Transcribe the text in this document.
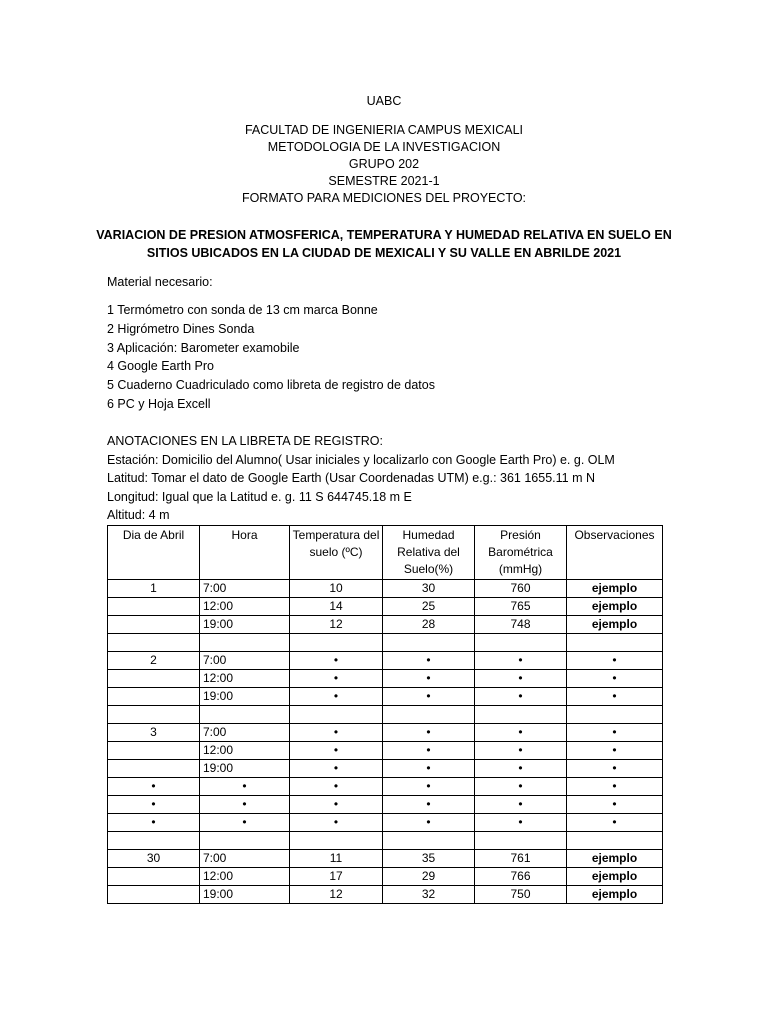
UABC
FACULTAD DE INGENIERIA CAMPUS MEXICALI
METODOLOGIA DE LA INVESTIGACION
GRUPO 202
SEMESTRE 2021-1
FORMATO PARA MEDICIONES DEL PROYECTO:
VARIACION DE PRESION ATMOSFERICA, TEMPERATURA Y HUMEDAD RELATIVA EN SUELO EN
SITIOS UBICADOS EN LA CIUDAD DE MEXICALI Y SU VALLE EN ABRILDE 2021
Material necesario:
1 Termómetro con sonda de 13 cm marca Bonne
2 Higrómetro Dines Sonda
3 Aplicación: Barometer examobile
4 Google Earth Pro
5 Cuaderno Cuadriculado como libreta de registro de datos
6 PC y Hoja Excell
ANOTACIONES EN LA LIBRETA DE REGISTRO:
Estación: Domicilio del Alumno( Usar iniciales y localizarlo con Google Earth Pro) e. g. OLM
Latitud: Tomar el dato de Google Earth (Usar Coordenadas UTM) e.g.: 361 1655.11 m N
Longitud: Igual que la Latitud e. g. 11 S 644745.18 m E
Altitud: 4 m
Dia de Abril	Hora	Temperatura del suelo (ºC)	Humedad Relativa del Suelo(%)	Presión Barométrica (mmHg)	Observaciones
1	7:00	10	30	760	ejemplo
	12:00	14	25	765	ejemplo
	19:00	12	28	748	ejemplo

2	7:00	•	•	•	•
	12:00	•	•	•	•
	19:00	•	•	•	•

3	7:00	•	•	•	•
	12:00	•	•	•	•
	19:00	•	•	•	•
•	•	•	•	•	•
•	•	•	•	•	•
•	•	•	•	•	•

30	7:00	11	35	761	ejemplo
	12:00	17	29	766	ejemplo
	19:00	12	32	750	ejemplo
